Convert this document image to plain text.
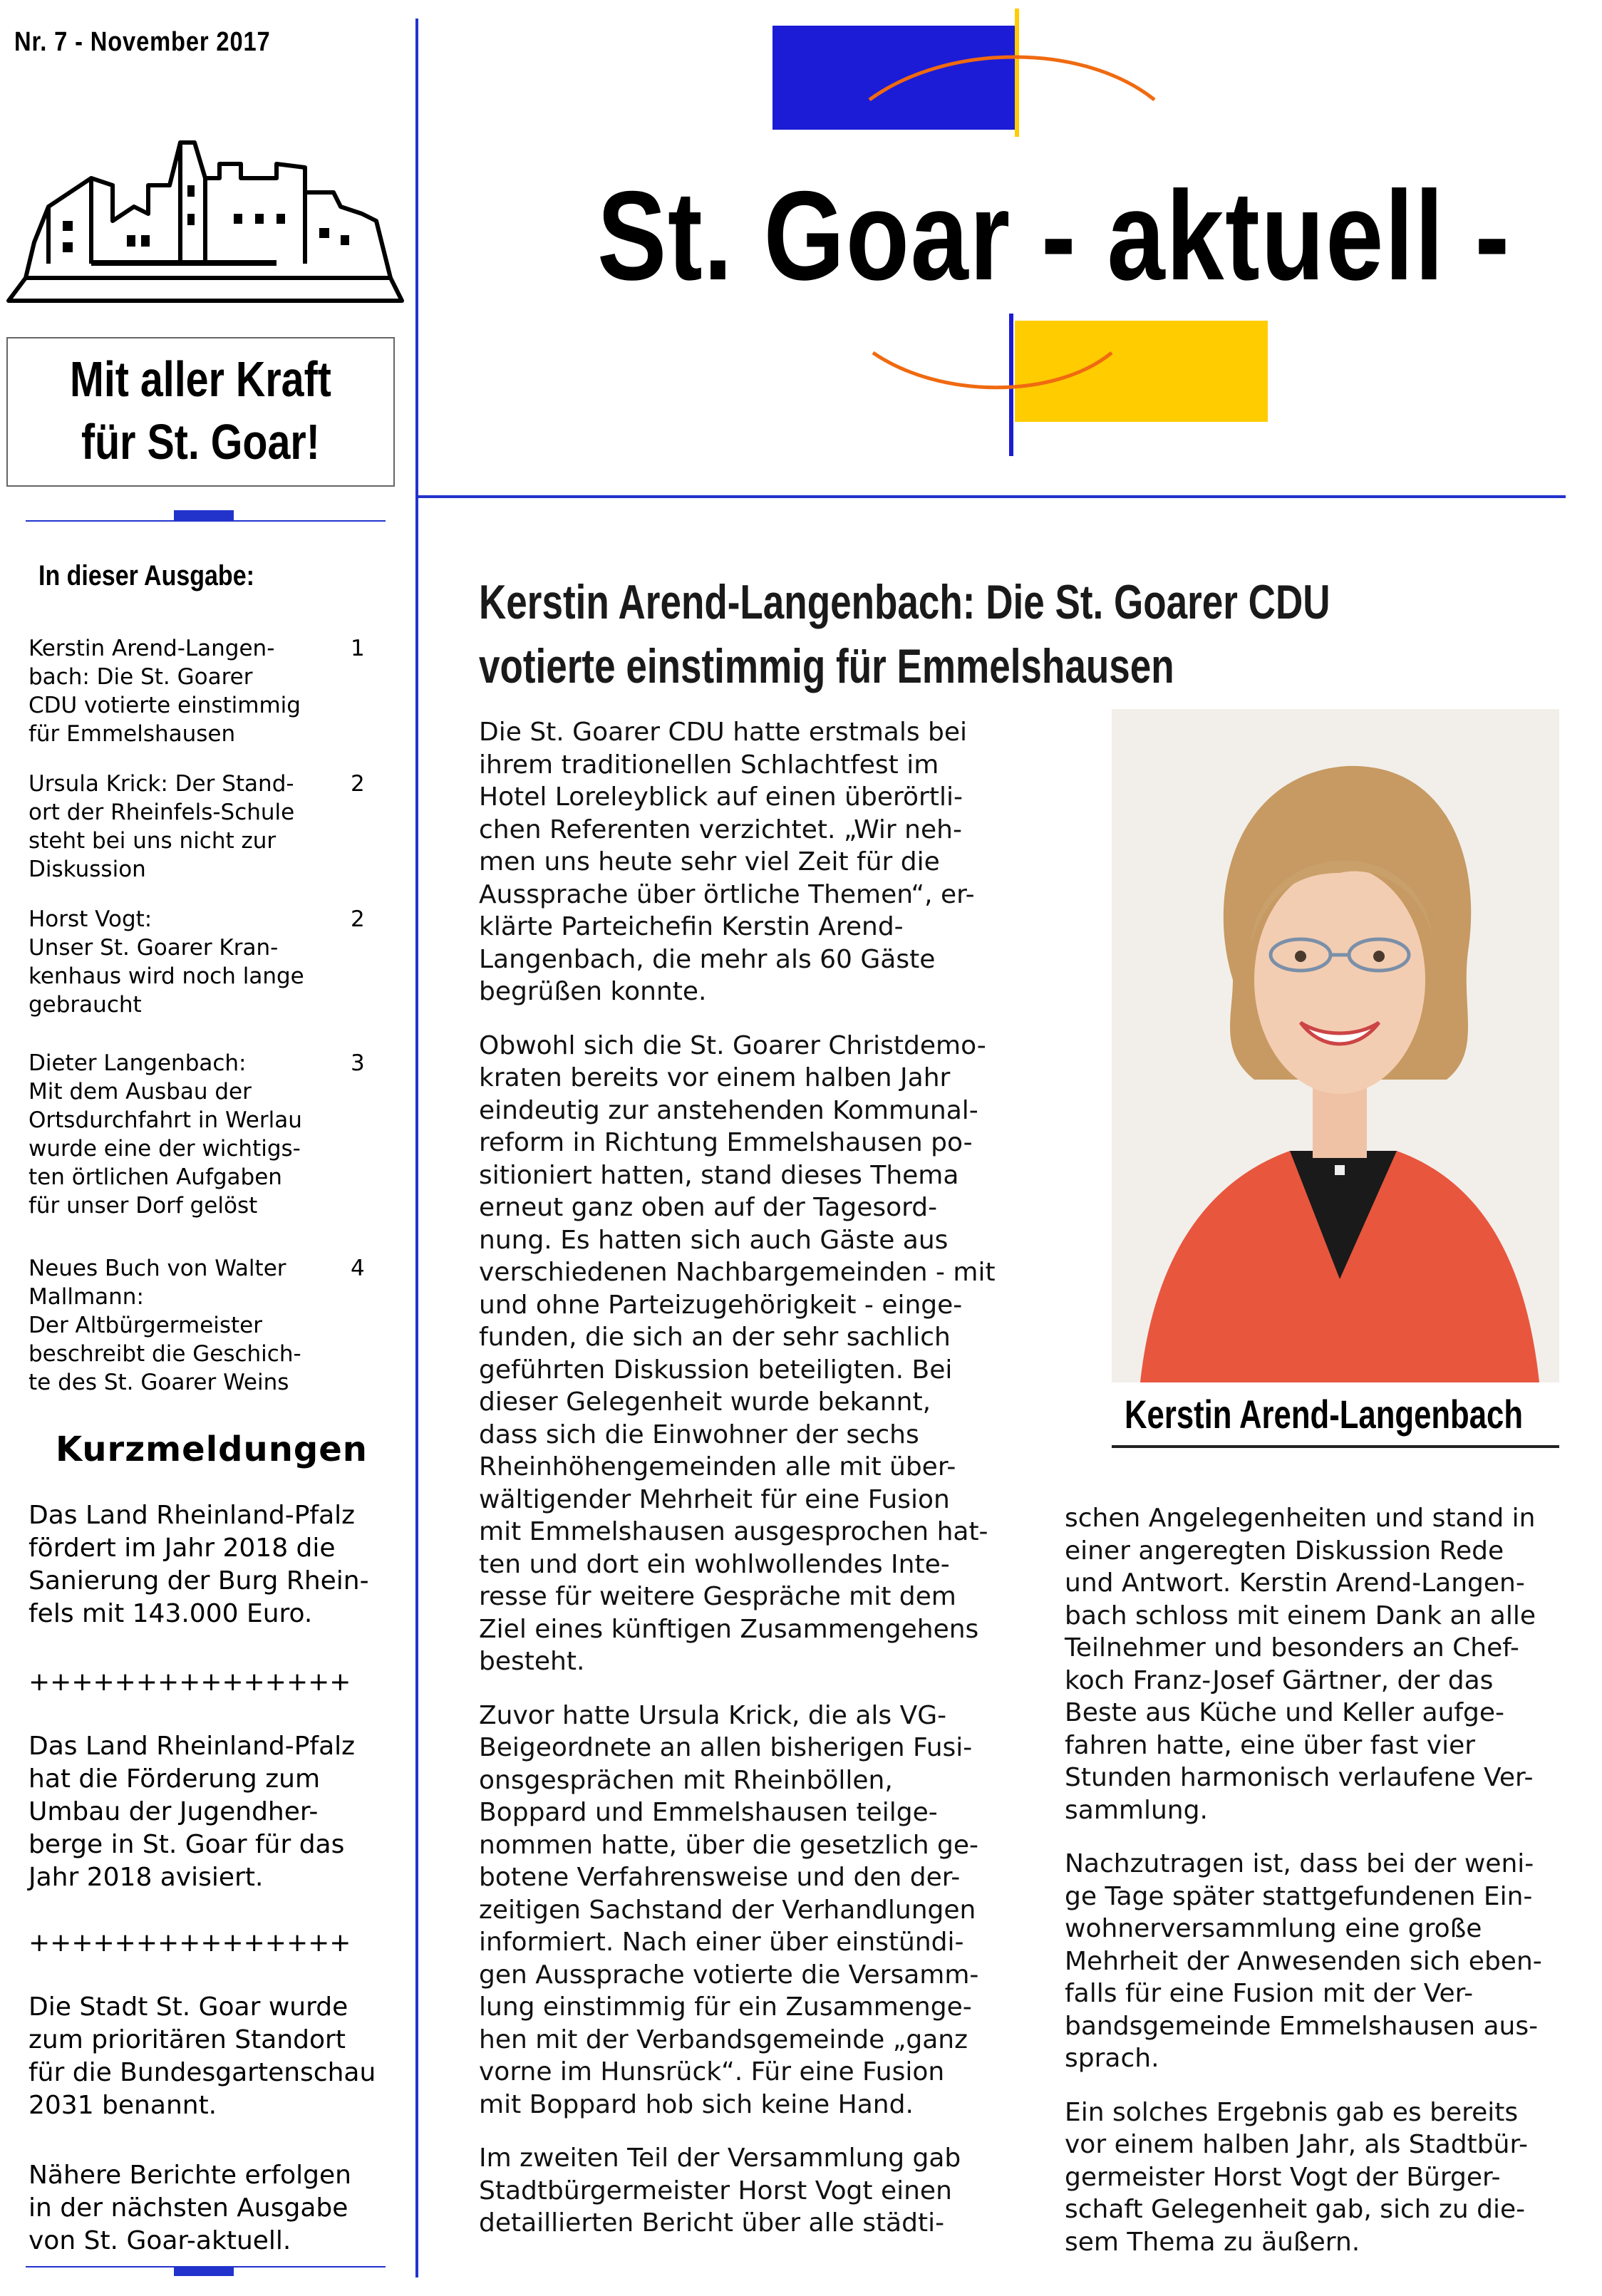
Nr. 7 - November 2017
Mit aller Kraft
für St. Goar!
St. Goar - aktuell -
In dieser Ausgabe:
Kerstin Arend-Langen-
bach: Die St. Goarer
CDU votierte einstimmig
für Emmelshausen
1
Ursula Krick: Der Stand-
ort der Rheinfels-Schule
steht bei uns nicht zur
Diskussion
2
Horst Vogt:
Unser St. Goarer Kran-
kenhaus wird noch lange
gebraucht
2
Dieter Langenbach:
Mit dem Ausbau der
Ortsdurchfahrt in Werlau
wurde eine der wichtigs-
ten örtlichen Aufgaben
für unser Dorf gelöst
3
Neues Buch von Walter
Mallmann:
Der Altbürgermeister
beschreibt die Geschich-
te des St. Goarer Weins
4
Kurzmeldungen
Das Land Rheinland-Pfalz
fördert im Jahr 2018 die
Sanierung der Burg Rhein-
fels mit 143.000 Euro.
+++++++++++++++
Das Land Rheinland-Pfalz
hat die Förderung zum
Umbau der Jugendher-
berge in St. Goar für das
Jahr 2018 avisiert.
+++++++++++++++
Die Stadt St. Goar wurde
zum prioritären Standort
für die Bundesgartenschau
2031 benannt.
Nähere Berichte erfolgen
in der nächsten Ausgabe
von St. Goar-aktuell.
Kerstin Arend-Langenbach: Die St. Goarer CDU
votierte einstimmig für Emmelshausen

Die St. Goarer CDU hatte erstmals bei
ihrem traditionellen Schlachtfest im
Hotel Loreleyblick auf einen überörtli-
chen Referenten verzichtet. „Wir neh-
men uns heute sehr viel Zeit für die
Aussprache über örtliche Themen“, er-
klärte Parteichefin Kerstin Arend-
Langenbach, die mehr als 60 Gäste
begrüßen konnte.

Obwohl sich die St. Goarer Christdemo-
kraten bereits vor einem halben Jahr
eindeutig zur anstehenden Kommunal-
reform in Richtung Emmelshausen po-
sitioniert hatten, stand dieses Thema
erneut ganz oben auf der Tagesord-
nung. Es hatten sich auch Gäste aus
verschiedenen Nachbargemeinden - mit
und ohne Parteizugehörigkeit - einge-
funden, die sich an der sehr sachlich
geführten Diskussion beteiligten. Bei
dieser Gelegenheit wurde bekannt,
dass sich die Einwohner der sechs
Rheinhöhengemeinden alle mit über-
wältigender Mehrheit für eine Fusion
mit Emmelshausen ausgesprochen hat-
ten und dort ein wohlwollendes Inte-
resse für weitere Gespräche mit dem
Ziel eines künftigen Zusammengehens
besteht.

Zuvor hatte Ursula Krick, die als VG-
Beigeordnete an allen bisherigen Fusi-
onsgesprächen mit Rheinböllen,
Boppard und Emmelshausen teilge-
nommen hatte, über die gesetzlich ge-
botene Verfahrensweise und den der-
zeitigen Sachstand der Verhandlungen
informiert. Nach einer über einstündi-
gen Aussprache votierte die Versamm-
lung einstimmig für ein Zusammenge-
hen mit der Verbandsgemeinde „ganz
vorne im Hunsrück“. Für eine Fusion
mit Boppard hob sich keine Hand.

Im zweiten Teil der Versammlung gab
Stadtbürgermeister Horst Vogt einen
detaillierten Bericht über alle städti-

Kerstin Arend-Langenbach

schen Angelegenheiten und stand in
einer angeregten Diskussion Rede
und Antwort. Kerstin Arend-Langen-
bach schloss mit einem Dank an alle
Teilnehmer und besonders an Chef-
koch Franz-Josef Gärtner, der das
Beste aus Küche und Keller aufge-
fahren hatte, eine über fast vier
Stunden harmonisch verlaufene Ver-
sammlung.

Nachzutragen ist, dass bei der weni-
ge Tage später stattgefundenen Ein-
wohnerversammlung eine große
Mehrheit der Anwesenden sich eben-
falls für eine Fusion mit der Ver-
bandsgemeinde Emmelshausen aus-
sprach.

Ein solches Ergebnis gab es bereits
vor einem halben Jahr, als Stadtbür-
germeister Horst Vogt der Bürger-
schaft Gelegenheit gab, sich zu die-
sem Thema zu äußern.
